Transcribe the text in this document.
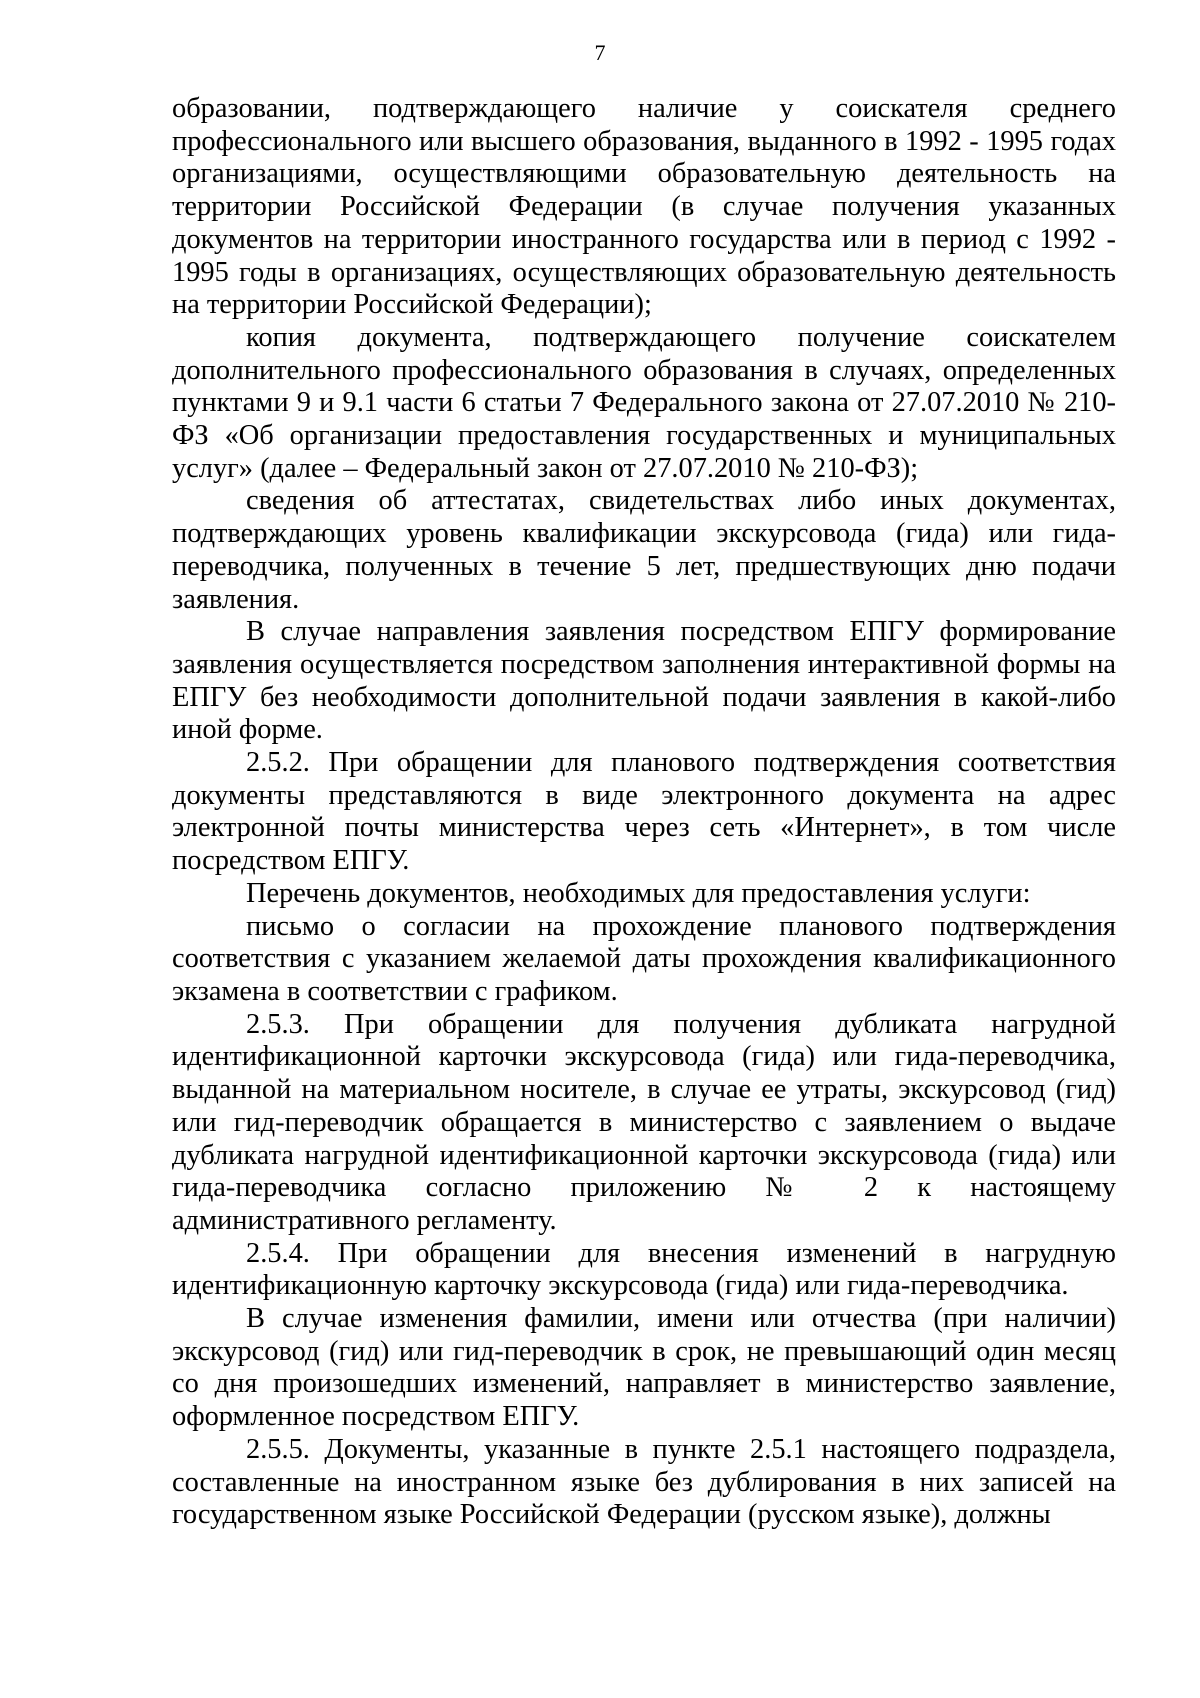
7

образовании, подтверждающего наличие у соискателя среднего профессионального или высшего образования, выданного в 1992 - 1995 годах организациями, осуществляющими образовательную деятельность на территории Российской Федерации (в случае получения указанных документов на территории иностранного государства или в период с 1992 - 1995 годы в организациях, осуществляющих образовательную деятельность на территории Российской Федерации);

копия документа, подтверждающего получение соискателем дополнительного профессионального образования в случаях, определенных пунктами 9 и 9.1 части 6 статьи 7 Федерального закона от 27.07.2010 № 210-ФЗ «Об организации предоставления государственных и муниципальных услуг» (далее – Федеральный закон от 27.07.2010 № 210-ФЗ);

сведения об аттестатах, свидетельствах либо иных документах, подтверждающих уровень квалификации экскурсовода (гида) или гида-переводчика, полученных в течение 5 лет, предшествующих дню подачи заявления.

В случае направления заявления посредством ЕПГУ формирование заявления осуществляется посредством заполнения интерактивной формы на ЕПГУ без необходимости дополнительной подачи заявления в какой-либо иной форме.

2.5.2. При обращении для планового подтверждения соответствия документы представляются в виде электронного документа на адрес электронной почты министерства через сеть «Интернет», в том числе посредством ЕПГУ.

Перечень документов, необходимых для предоставления услуги:

письмо о согласии на прохождение планового подтверждения соответствия с указанием желаемой даты прохождения квалификационного экзамена в соответствии с графиком.

2.5.3. При обращении для получения дубликата нагрудной идентификационной карточки экскурсовода (гида) или гида-переводчика, выданной на материальном носителе, в случае ее утраты, экскурсовод (гид) или гид-переводчик обращается в министерство с заявлением о выдаче дубликата нагрудной идентификационной карточки экскурсовода (гида) или гида-переводчика согласно приложению № 2 к настоящему административного регламенту.

2.5.4. При обращении для внесения изменений в нагрудную идентификационную карточку экскурсовода (гида) или гида-переводчика.

В случае изменения фамилии, имени или отчества (при наличии) экскурсовод (гид) или гид-переводчик в срок, не превышающий один месяц со дня произошедших изменений, направляет в министерство заявление, оформленное посредством ЕПГУ.

2.5.5. Документы, указанные в пункте 2.5.1 настоящего подраздела, составленные на иностранном языке без дублирования в них записей на государственном языке Российской Федерации (русском языке), должны
